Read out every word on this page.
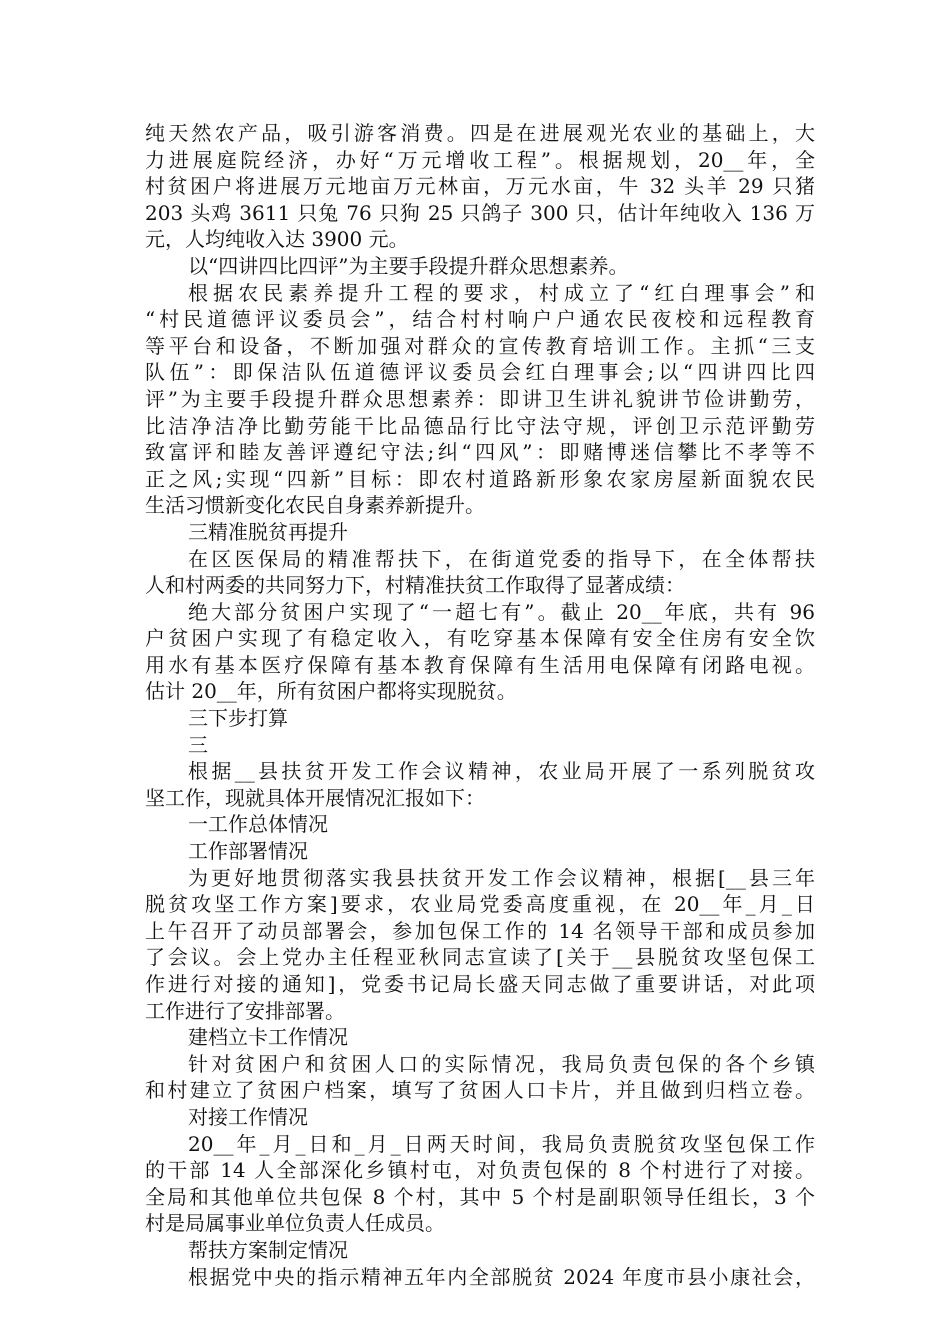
纯天然农产品，吸引游客消费。四是在进展观光农业的基础上，大
力进展庭院经济，办好“万元增收工程”。根据规划，20__年，全
村贫困户将进展万元地亩万元林亩，万元水亩，牛 32 头羊 29 只猪
203 头鸡 3611 只兔 76 只狗 25 只鸽子 300 只，估计年纯收入 136 万
元，人均纯收入达 3900 元。
以“四讲四比四评”为主要手段提升群众思想素养。
根据农民素养提升工程的要求，村成立了“红白理事会”和
“村民道德评议委员会”，结合村村响户户通农民夜校和远程教育
等平台和设备，不断加强对群众的宣传教育培训工作。主抓“三支
队伍”：即保洁队伍道德评议委员会红白理事会;以“四讲四比四
评”为主要手段提升群众思想素养：即讲卫生讲礼貌讲节俭讲勤劳，
比洁净洁净比勤劳能干比品德品行比守法守规，评创卫示范评勤劳
致富评和睦友善评遵纪守法;纠“四风”：即赌博迷信攀比不孝等不
正之风;实现“四新”目标：即农村道路新形象农家房屋新面貌农民
生活习惯新变化农民自身素养新提升。
三精准脱贫再提升
在区医保局的精准帮扶下，在街道党委的指导下，在全体帮扶
人和村两委的共同努力下，村精准扶贫工作取得了显著成绩：
绝大部分贫困户实现了“一超七有”。截止 20__年底，共有 96
户贫困户实现了有稳定收入，有吃穿基本保障有安全住房有安全饮
用水有基本医疗保障有基本教育保障有生活用电保障有闭路电视。
估计 20__年，所有贫困户都将实现脱贫。
三下步打算
三
根据__县扶贫开发工作会议精神，农业局开展了一系列脱贫攻
坚工作，现就具体开展情况汇报如下：
一工作总体情况
工作部署情况
为更好地贯彻落实我县扶贫开发工作会议精神，根据[__县三年
脱贫攻坚工作方案]要求，农业局党委高度重视，在 20__年_月_日
上午召开了动员部署会，参加包保工作的 14 名领导干部和成员参加
了会议。会上党办主任程亚秋同志宣读了[关于__县脱贫攻坚包保工
作进行对接的通知]，党委书记局长盛天同志做了重要讲话，对此项
工作进行了安排部署。
建档立卡工作情况
针对贫困户和贫困人口的实际情况，我局负责包保的各个乡镇
和村建立了贫困户档案，填写了贫困人口卡片，并且做到归档立卷。
对接工作情况
20__年_月_日和_月_日两天时间，我局负责脱贫攻坚包保工作
的干部 14 人全部深化乡镇村屯，对负责包保的 8 个村进行了对接。
全局和其他单位共包保 8 个村，其中 5 个村是副职领导任组长，3 个
村是局属事业单位负责人任成员。
帮扶方案制定情况
根据党中央的指示精神五年内全部脱贫 2024 年度市县小康社会，
